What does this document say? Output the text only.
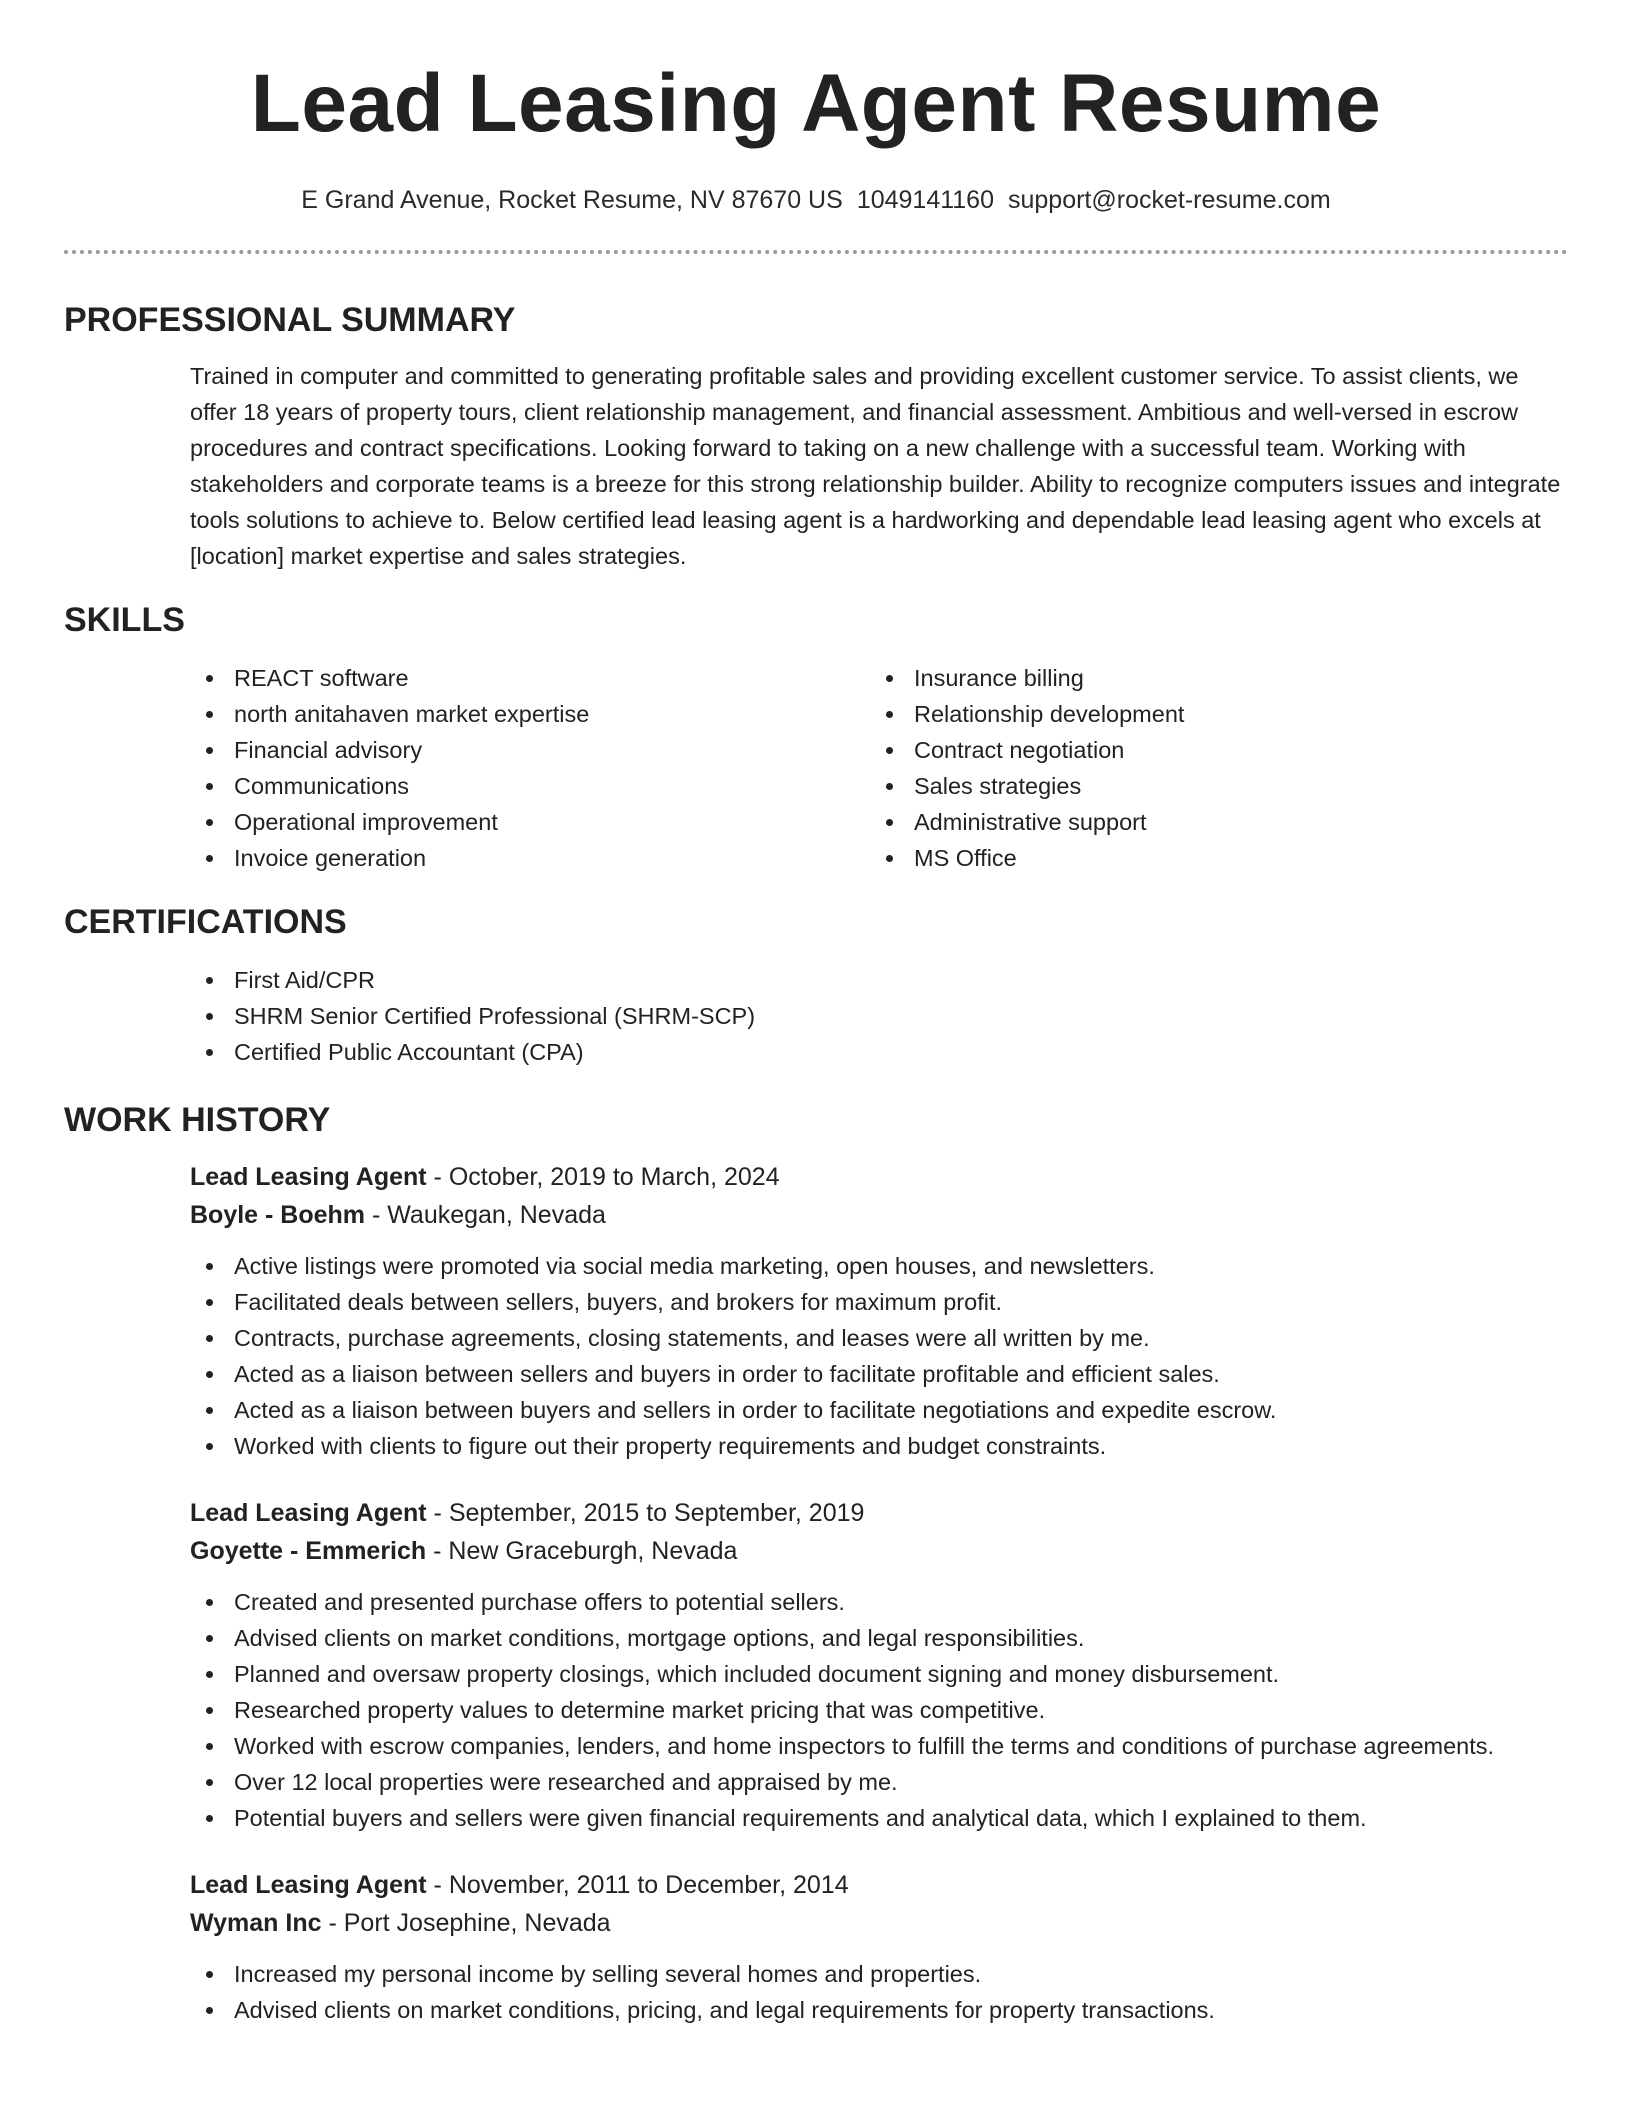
Lead Leasing Agent Resume
E Grand Avenue, Rocket Resume, NV 87670 US 1049141160 support@rocket-resume.com
PROFESSIONAL SUMMARY

Trained in computer and committed to generating profitable sales and providing excellent customer service. To assist clients, we offer 18 years of property tours, client relationship management, and financial assessment. Ambitious and well-versed in escrow procedures and contract specifications. Looking forward to taking on a new challenge with a successful team. Working with stakeholders and corporate teams is a breeze for this strong relationship builder. Ability to recognize computers issues and integrate tools solutions to achieve to. Below certified lead leasing agent is a hardworking and dependable lead leasing agent who excels at [location] market expertise and sales strategies.

SKILLS
REACT software
north anitahaven market expertise
Financial advisory
Communications
Operational improvement
Invoice generation
Insurance billing
Relationship development
Contract negotiation
Sales strategies
Administrative support
MS Office
CERTIFICATIONS
First Aid/CPR
SHRM Senior Certified Professional (SHRM-SCP)
Certified Public Accountant (CPA)
WORK HISTORY
Lead Leasing Agent - October, 2019 to March, 2024
Boyle - Boehm - Waukegan, Nevada
Active listings were promoted via social media marketing, open houses, and newsletters.
Facilitated deals between sellers, buyers, and brokers for maximum profit.
Contracts, purchase agreements, closing statements, and leases were all written by me.
Acted as a liaison between sellers and buyers in order to facilitate profitable and efficient sales.
Acted as a liaison between buyers and sellers in order to facilitate negotiations and expedite escrow.
Worked with clients to figure out their property requirements and budget constraints.
Lead Leasing Agent - September, 2015 to September, 2019
Goyette - Emmerich - New Graceburgh, Nevada
Created and presented purchase offers to potential sellers.
Advised clients on market conditions, mortgage options, and legal responsibilities.
Planned and oversaw property closings, which included document signing and money disbursement.
Researched property values to determine market pricing that was competitive.
Worked with escrow companies, lenders, and home inspectors to fulfill the terms and conditions of purchase agreements.
Over 12 local properties were researched and appraised by me.
Potential buyers and sellers were given financial requirements and analytical data, which I explained to them.
Lead Leasing Agent - November, 2011 to December, 2014
Wyman Inc - Port Josephine, Nevada
Increased my personal income by selling several homes and properties.
Advised clients on market conditions, pricing, and legal requirements for property transactions.
